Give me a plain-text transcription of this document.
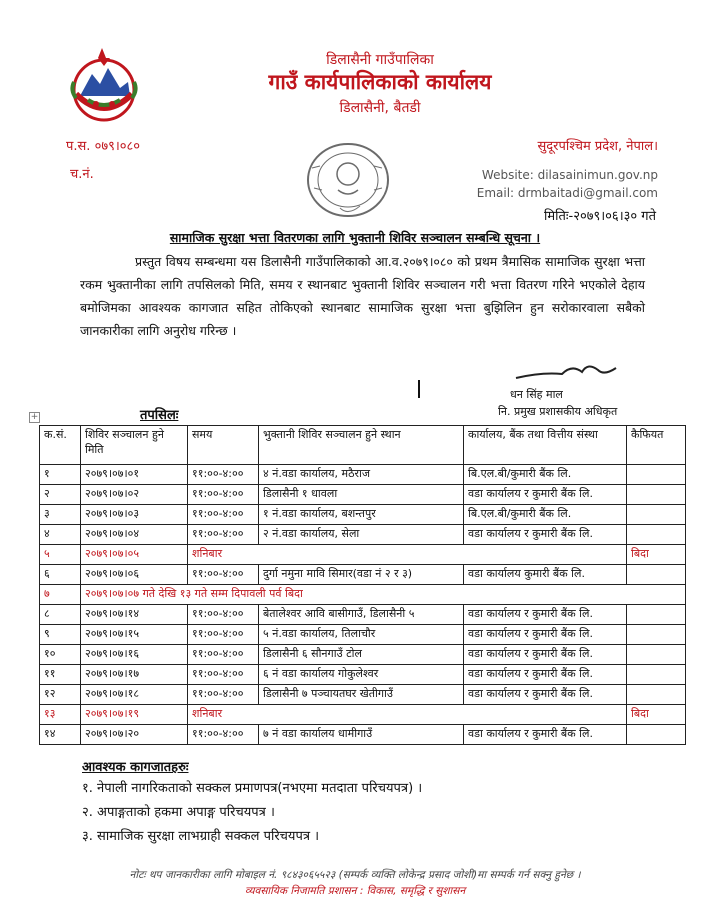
डिलासैनी गाउँपालिका
गाउँ कार्यपालिकाको कार्यालय
डिलासैनी, बैतडी
प.स. ०७९।०८०	सुदूरपश्चिम प्रदेश, नेपाल।
च.नं.	Website: dilasainimun.gov.np
Email: drmbaitadi@gmail.com
मितिः-२०७९।०६।३० गते
सामाजिक सुरक्षा भत्ता वितरणका लागि भुक्तानी शिविर सञ्चालन सम्बन्धि सूचना ।
प्रस्तुत विषय सम्बन्धमा यस डिलासैनी गाउँपालिकाको आ.व.२०७९।०८० को प्रथम त्रैमासिक सामाजिक सुरक्षा भत्ता रकम भुक्तानीका लागि तपसिलको मिति, समय र स्थानबाट भुक्तानी शिविर सञ्चालन गरी भत्ता वितरण गरिने भएकोले देहाय बमोजिमका आवश्यक कागजात सहित तोकिएको स्थानबाट सामाजिक सुरक्षा भत्ता बुझिलिन हुन सरोकारवाला सबैको जानकारीका लागि अनुरोध गरिन्छ ।
धन सिंह माल
नि. प्रमुख प्रशासकीय अधिकृत
तपसिलः
+
क.सं.	शिविर सञ्चालन हुने मिति	समय	भुक्तानी शिविर सञ्चालन हुने स्थान	कार्यालय, बैंक तथा वित्तीय संस्था	कैफियत
१	२०७९।०७।०१	११:००-४:००	४ नं.वडा कार्यालय, मठैराज	बि.एल.बी/कुमारी बैंक लि.	
२	२०७९।०७।०२	११:००-४:००	डिलासैनी १ धावला	वडा कार्यालय र कुमारी बैंक लि.	
३	२०७९।०७।०३	११:००-४:००	१ नं.वडा कार्यालय, बशन्तपुर	बि.एल.बी/कुमारी बैंक लि.	
४	२०७९।०७।०४	११:००-४:००	२ नं.वडा कार्यालय, सेला	वडा कार्यालय र कुमारी बैंक लि.	
५	२०७९।०७।०५	शनिबार			बिदा
६	२०७९।०७।०६	११:००-४:००	दुर्गा नमुना मावि सिमार(वडा नं २ र ३)	वडा कार्यालय कुमारी बैंक लि.	
७	२०७९।०७।०७ गते देखि १३ गते सम्म दिपावली पर्व बिदा				
८	२०७९।०७।१४	११:००-४:००	बेतालेश्वर आवि बासीगाउँ, डिलासैनी ५	वडा कार्यालय र कुमारी बैंक लि.	
९	२०७९।०७।१५	११:००-४:००	५ नं.वडा कार्यालय, तिलाचौर	वडा कार्यालय र कुमारी बैंक लि.	
१०	२०७९।०७।१६	११:००-४:००	डिलासैनी ६ सौनगाउँ टोल	वडा कार्यालय र कुमारी बैंक लि.	
११	२०७९।०७।१७	११:००-४:००	६ नं वडा कार्यालय गोकुलेश्वर	वडा कार्यालय र कुमारी बैंक लि.	
१२	२०७९।०७।१८	११:००-४:००	डिलासैनी ७ पञ्चायतघर खेतीगाउँ	वडा कार्यालय र कुमारी बैंक लि.	
१३	२०७९।०७।१९	शनिबार			बिदा
१४	२०७९।०७।२०	११:००-४:००	७ नं वडा कार्यालय धामीगाउँ	वडा कार्यालय र कुमारी बैंक लि.	
आवश्यक कागजातहरुः
१. नेपाली नागरिकताको सक्कल प्रमाणपत्र(नभएमा मतदाता परिचयपत्र) ।
२. अपाङ्गताको हकमा अपाङ्ग परिचयपत्र ।
३. सामाजिक सुरक्षा लाभग्राही सक्कल परिचयपत्र ।
नोटः थप जानकारीका लागि मोबाइल नं. ९८४३०६५५२३ (सम्पर्क व्यक्ति लोकेन्द्र प्रसाद जोशी)मा सम्पर्क गर्न सक्नु हुनेछ ।
व्यवसायिक निजामति प्रशासन : विकास, समृद्धि र सुशासन
